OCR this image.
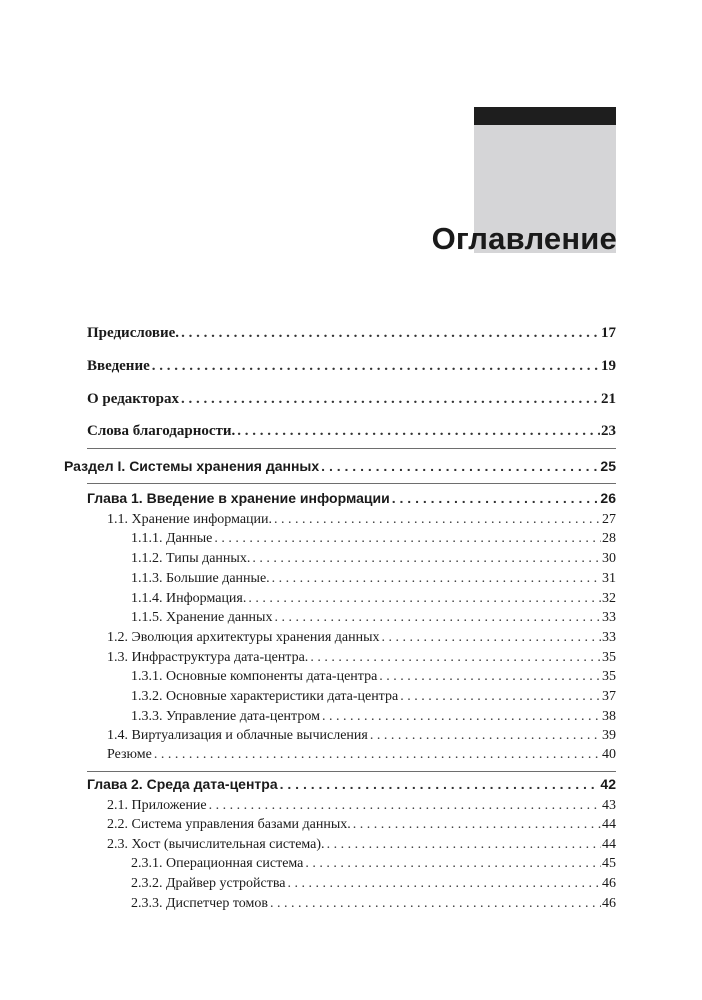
Оглавление
Предисловие. . . .	17
Введение . . .	19
О редакторах . . .	21
Слова благодарности. . . .	23
Раздел I. Системы хранения данных . . .	25
Глава 1. Введение в хранение информации . . .	26
1.1. Хранение информации. . . .	27
1.1.1. Данные . . .	28
1.1.2. Типы данных. . . .	30
1.1.3. Большие данные. . . .	31
1.1.4. Информация. . . .	32
1.1.5. Хранение данных . . .	33
1.2. Эволюция архитектуры хранения данных . . .	33
1.3. Инфраструктура дата-центра. . . .	35
1.3.1. Основные компоненты дата-центра . . .	35
1.3.2. Основные характеристики дата-центра . . .	37
1.3.3. Управление дата-центром . . .	38
1.4. Виртуализация и облачные вычисления . . .	39
Резюме . . .	40
Глава 2. Среда дата-центра . . .	42
2.1. Приложение . . .	43
2.2. Система управления базами данных. . . .	44
2.3. Хост (вычислительная система). . . .	44
2.3.1. Операционная система . . .	45
2.3.2. Драйвер устройства . . .	46
2.3.3. Диспетчер томов . . .	46
